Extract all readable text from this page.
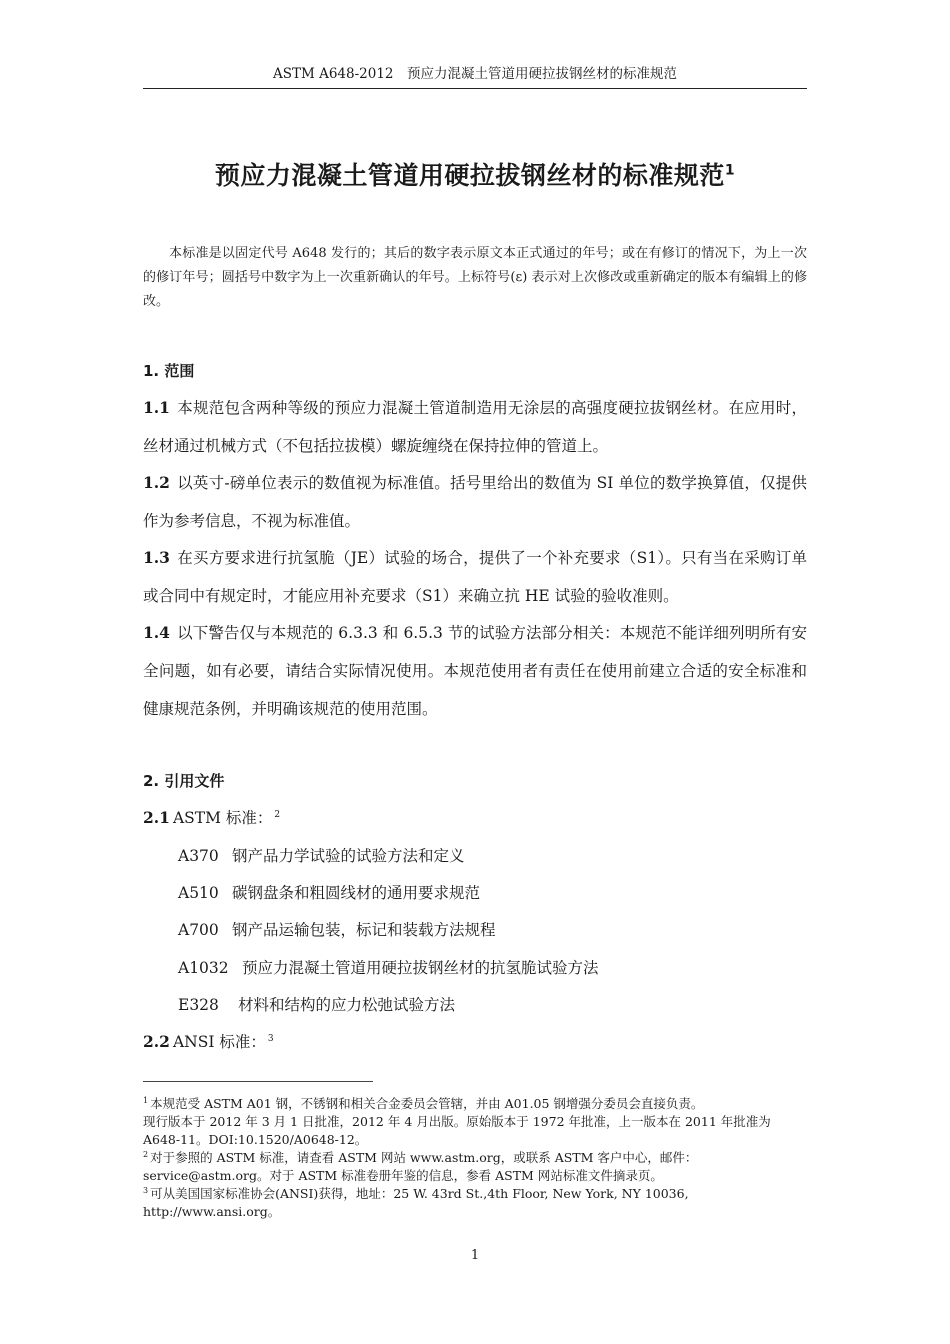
ASTM A648-2012　预应力混凝土管道用硬拉拔钢丝材的标准规范
预应力混凝土管道用硬拉拔钢丝材的标准规范$^1$

本标准是以固定代号 A648 发行的；其后的数字表示原文本正式通过的年号；或在有修订的情况下，为上一次的修订年号；圆括号中数字为上一次重新确认的年号。上标符号(ε) 表示对上次修改或重新确定的版本有编辑上的修改。

1. 范围

1.1 本规范包含两种等级的预应力混凝土管道制造用无涂层的高强度硬拉拔钢丝材。在应用时，丝材通过机械方式（不包括拉拔模）螺旋缠绕在保持拉伸的管道上。

1.2 以英寸-磅单位表示的数值视为标准值。括号里给出的数值为 SI 单位的数学换算值，仅提供作为参考信息，不视为标准值。

1.3 在买方要求进行抗氢脆（JE）试验的场合，提供了一个补充要求（S1）。只有当在采购订单或合同中有规定时，才能应用补充要求（S1）来确立抗 HE 试验的验收准则。

1.4 以下警告仅与本规范的 6.3.3 和 6.5.3 节的试验方法部分相关：本规范不能详细列明所有安全问题，如有必要，请结合实际情况使用。本规范使用者有责任在使用前建立合适的安全标准和健康规范条例，并明确该规范的使用范围。

2. 引用文件
2.1 ASTM 标准： $^2$
A370 钢产品力学试验的试验方法和定义
A510 碳钢盘条和粗圆线材的通用要求规范
A700 钢产品运输包装，标记和装载方法规程
A1032 预应力混凝土管道用硬拉拔钢丝材的抗氢脆试验方法
E328 材料和结构的应力松弛试验方法
2.2 ANSI 标准： $^3$

$^1$ 本规范受 ASTM A01 钢，不锈钢和相关合金委员会管辖，并由 A01.05 钢增强分委员会直接负责。

现行版本于 2012 年 3 月 1 日批准，2012 年 4 月出版。原始版本于 1972 年批准，上一版本在 2011 年批准为 A648-11。DOI:10.1520/A0648-12。

$^2$ 对于参照的 ASTM 标准，请查看 ASTM 网站 www.astm.org，或联系 ASTM 客户中心，邮件：service@astm.org。对于 ASTM 标准卷册年鉴的信息，参看 ASTM 网站标准文件摘录页。

$^3$ 可从美国国家标准协会(ANSI)获得，地址：25 W. 43rd St.,4th Floor, New York, NY 10036, http://www.ansi.org。

1
